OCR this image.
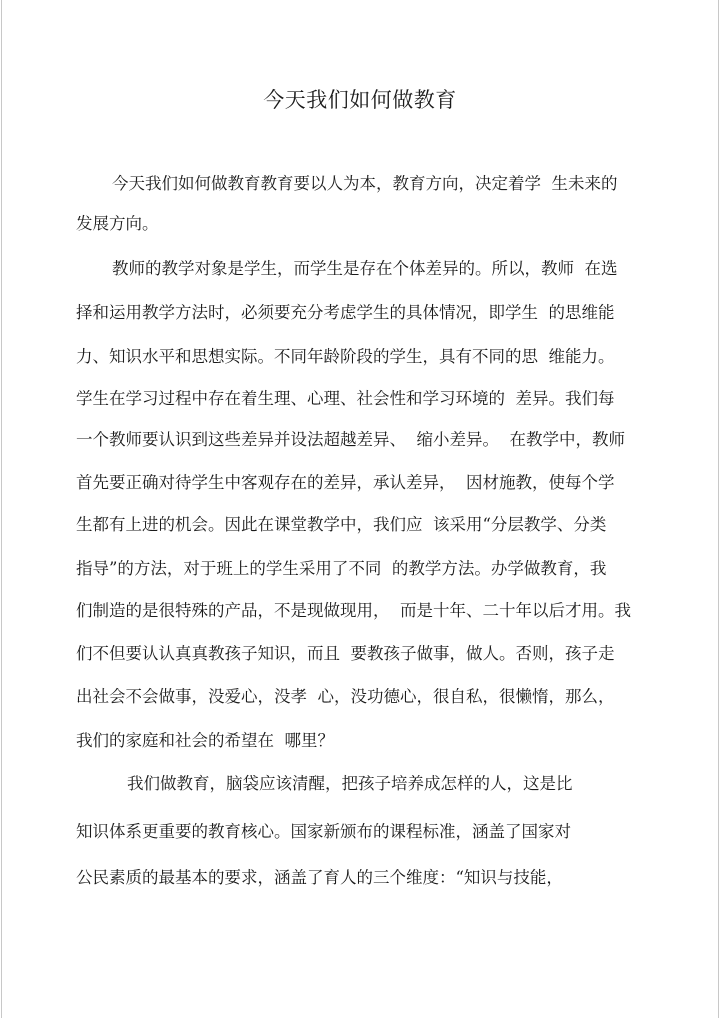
今天我们如何做教育
今天我们如何做教育教育要以人为本，教育方向，决定着学  生未来的
发展方向。
教师的教学对象是学生，而学生是存在个体差异的。所以，教师  在选
择和运用教学方法时，必须要充分考虑学生的具体情况，即学生  的思维能
力、知识水平和思想实际。不同年龄阶段的学生，具有不同的思  维能力。
学生在学习过程中存在着生理、心理、社会性和学习环境的  差异。我们每
一个教师要认识到这些差异并设法超越差异、  缩小差异。  在教学中，教师
首先要正确对待学生中客观存在的差异，承认差异，  因材施教，使每个学
生都有上进的机会。因此在课堂教学中，我们应  该采用“分层教学、分类
指导”的方法，对于班上的学生采用了不同  的教学方法。办学做教育，我
们制造的是很特殊的产品，不是现做现用，  而是十年、二十年以后才用。我
们不但要认认真真教孩子知识，而且  要教孩子做事，做人。否则，孩子走
出社会不会做事，没爱心，没孝  心，没功德心，很自私，很懒惰，那么，
我们的家庭和社会的希望在  哪里？
我们做教育，脑袋应该清醒，把孩子培养成怎样的人，这是比
知识体系更重要的教育核心。国家新颁布的课程标准，涵盖了国家对
公民素质的最基本的要求，涵盖了育人的三个维度：“知识与技能，
